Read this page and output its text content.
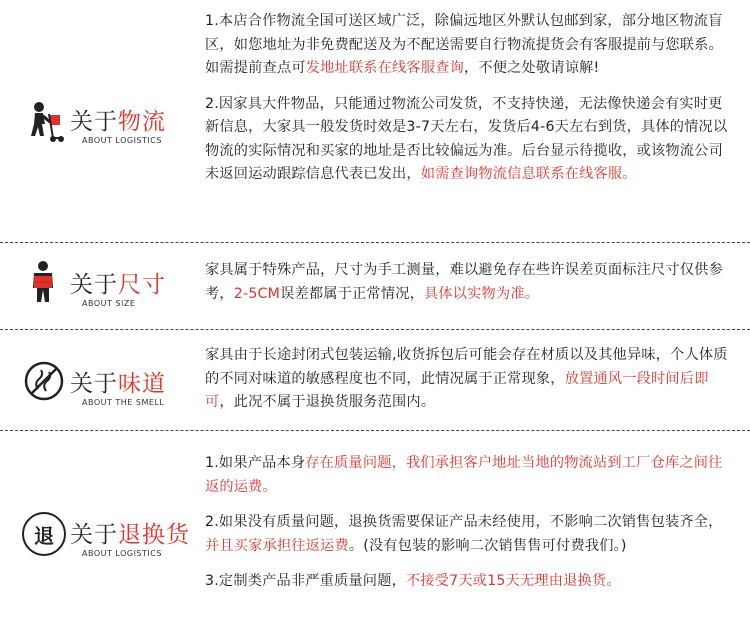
关于物流
ABOUT LOGISTICS

1.本店合作物流全国可送区域广泛，除偏远地区外默认包邮到家，部分地区物流盲区，如您地址为非免费配送及为不配送需要自行物流提货会有客服提前与您联系。如需提前查点可发地址联系在线客服查询，不便之处敬请谅解!

2.因家具大件物品，只能通过物流公司发货，不支持快递，无法像快递会有实时更新信息，大家具一般发货时效是3-7天左右，发货后4-6天左右到货，具体的情况以物流的实际情况和买家的地址是否比较偏远为准。后台显示待揽收，或该物流公司未返回运动跟踪信息代表已发出，如需查询物流信息联系在线客服。

关于尺寸
ABOUT SIZE

家具属于特殊产品，尺寸为手工测量，难以避免存在些许误差页面标注尺寸仅供参考，2-5CM误差都属于正常情况，具体以实物为准。

关于味道
ABOUT THE SMELL

家具由于长途封闭式包装运输,收货拆包后可能会存在材质以及其他异味，个人体质的不同对味道的敏感程度也不同，此情况属于正常现象，放置通风一段时间后即可，此况不属于退换货服务范围内。

退 关于退换货
ABOUT LOGISTICS

1.如果产品本身存在质量问题，我们承担客户地址当地的物流站到工厂仓库之间往返的运费。

2.如果没有质量问题，退换货需要保证产品未经使用，不影响二次销售包装齐全，并且买家承担往返运费。(没有包装的影响二次销售售可付费我们。)

3.定制类产品非严重质量问题，不接受7天或15天无理由退换货。
